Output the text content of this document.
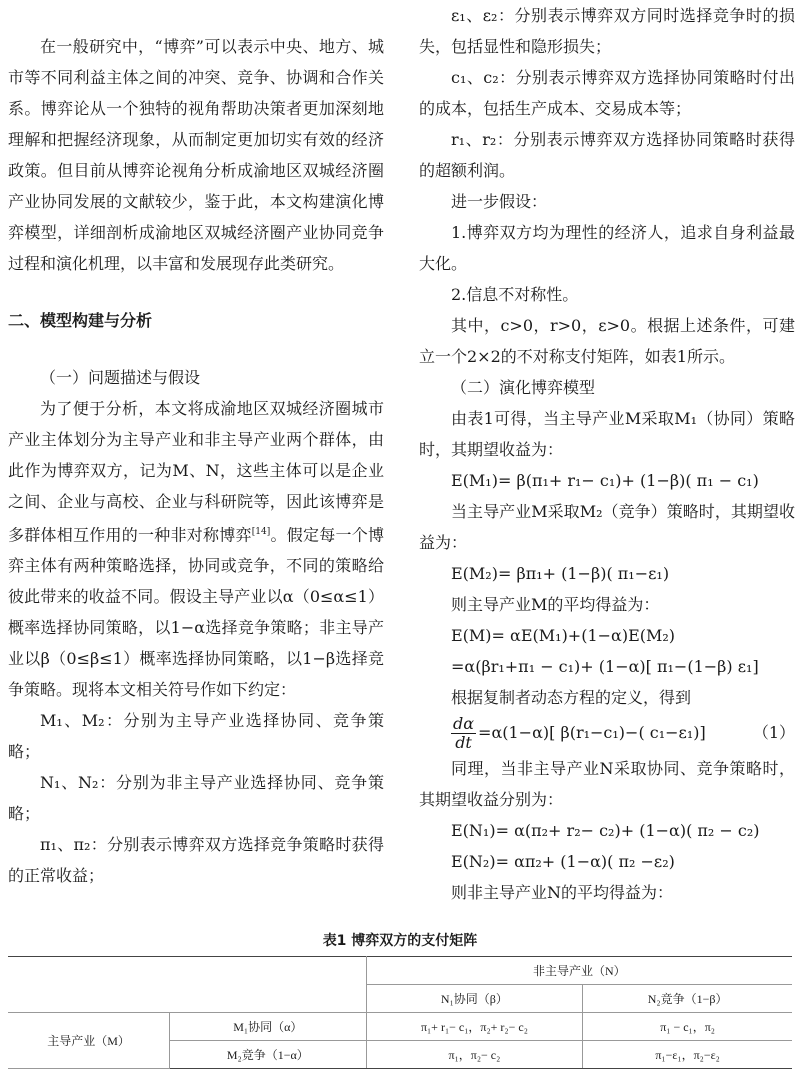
在一般研究中，“博弈”可以表示中央、地方、城市等不同利益主体之间的冲突、竞争、协调和合作关系。博弈论从一个独特的视角帮助决策者更加深刻地理解和把握经济现象，从而制定更加切实有效的经济政策。但目前从博弈论视角分析成渝地区双城经济圈产业协同发展的文献较少，鉴于此，本文构建演化博弈模型，详细剖析成渝地区双城经济圈产业协同竞争过程和演化机理，以丰富和发展现存此类研究。

二、模型构建与分析

（一）问题描述与假设

为了便于分析，本文将成渝地区双城经济圈城市产业主体划分为主导产业和非主导产业两个群体，由此作为博弈双方，记为M、N，这些主体可以是企业之间、企业与高校、企业与科研院等，因此该博弈是多群体相互作用的一种非对称博弈[14]。假定每一个博弈主体有两种策略选择，协同或竞争，不同的策略给彼此带来的收益不同。假设主导产业以α（0≤α≤1）概率选择协同策略，以1−α选择竞争策略；非主导产业以β（0≤β≤1）概率选择协同策略，以1−β选择竞争策略。现将本文相关符号作如下约定：

M₁、M₂：分别为主导产业选择协同、竞争策略；

N₁、N₂：分别为非主导产业选择协同、竞争策略；

π₁、π₂：分别表示博弈双方选择竞争策略时获得的正常收益；

ε₁、ε₂：分别表示博弈双方同时选择竞争时的损失，包括显性和隐形损失；

c₁、c₂：分别表示博弈双方选择协同策略时付出的成本，包括生产成本、交易成本等；

r₁、r₂：分别表示博弈双方选择协同策略时获得的超额利润。

进一步假设：

1.博弈双方均为理性的经济人，追求自身利益最大化。

2.信息不对称性。

其中，c>0，r>0，ε>0。根据上述条件，可建立一个2×2的不对称支付矩阵，如表1所示。

（二）演化博弈模型

由表1可得，当主导产业M采取M₁（协同）策略时，其期望收益为：

E(M₁)= β(π₁+ r₁− c₁)+ (1−β)( π₁ − c₁)

当主导产业M采取M₂（竞争）策略时，其期望收益为：

E(M₂)= βπ₁+ (1−β)( π₁−ε₁)

则主导产业M的平均得益为：

E(M)= αE(M₁)+(1−α)E(M₂)

=α(βr₁+π₁ − c₁)+ (1−α)[ π₁−(1−β) ε₁]

根据复制者动态方程的定义，得到

$\frac{d\alpha}{dt} =\alpha(1-\alpha)$[ β(r₁−c₁)−( c₁−ε₁)]	（1）

同理，当非主导产业N采取协同、竞争策略时，其期望收益分别为：

E(N₁)= α(π₂+ r₂− c₂)+ (1−α)( π₂ − c₂)

E(N₂)= απ₂+ (1−α)( π₂ −ε₂)

则非主导产业N的平均得益为：

表1 博弈双方的支付矩阵
		非主导产业（N）	
		N₁协同（β）	N₂竞争（1−β）
主导产业（M）	M₁协同（α）	π₁+ r₁− c₁，π₂+ r₂− c₂	π₁ − c₁，π₂
	M₂竞争（1−α）	π₁，π₂− c₂	π₁−ε₁，π₂−ε₂
